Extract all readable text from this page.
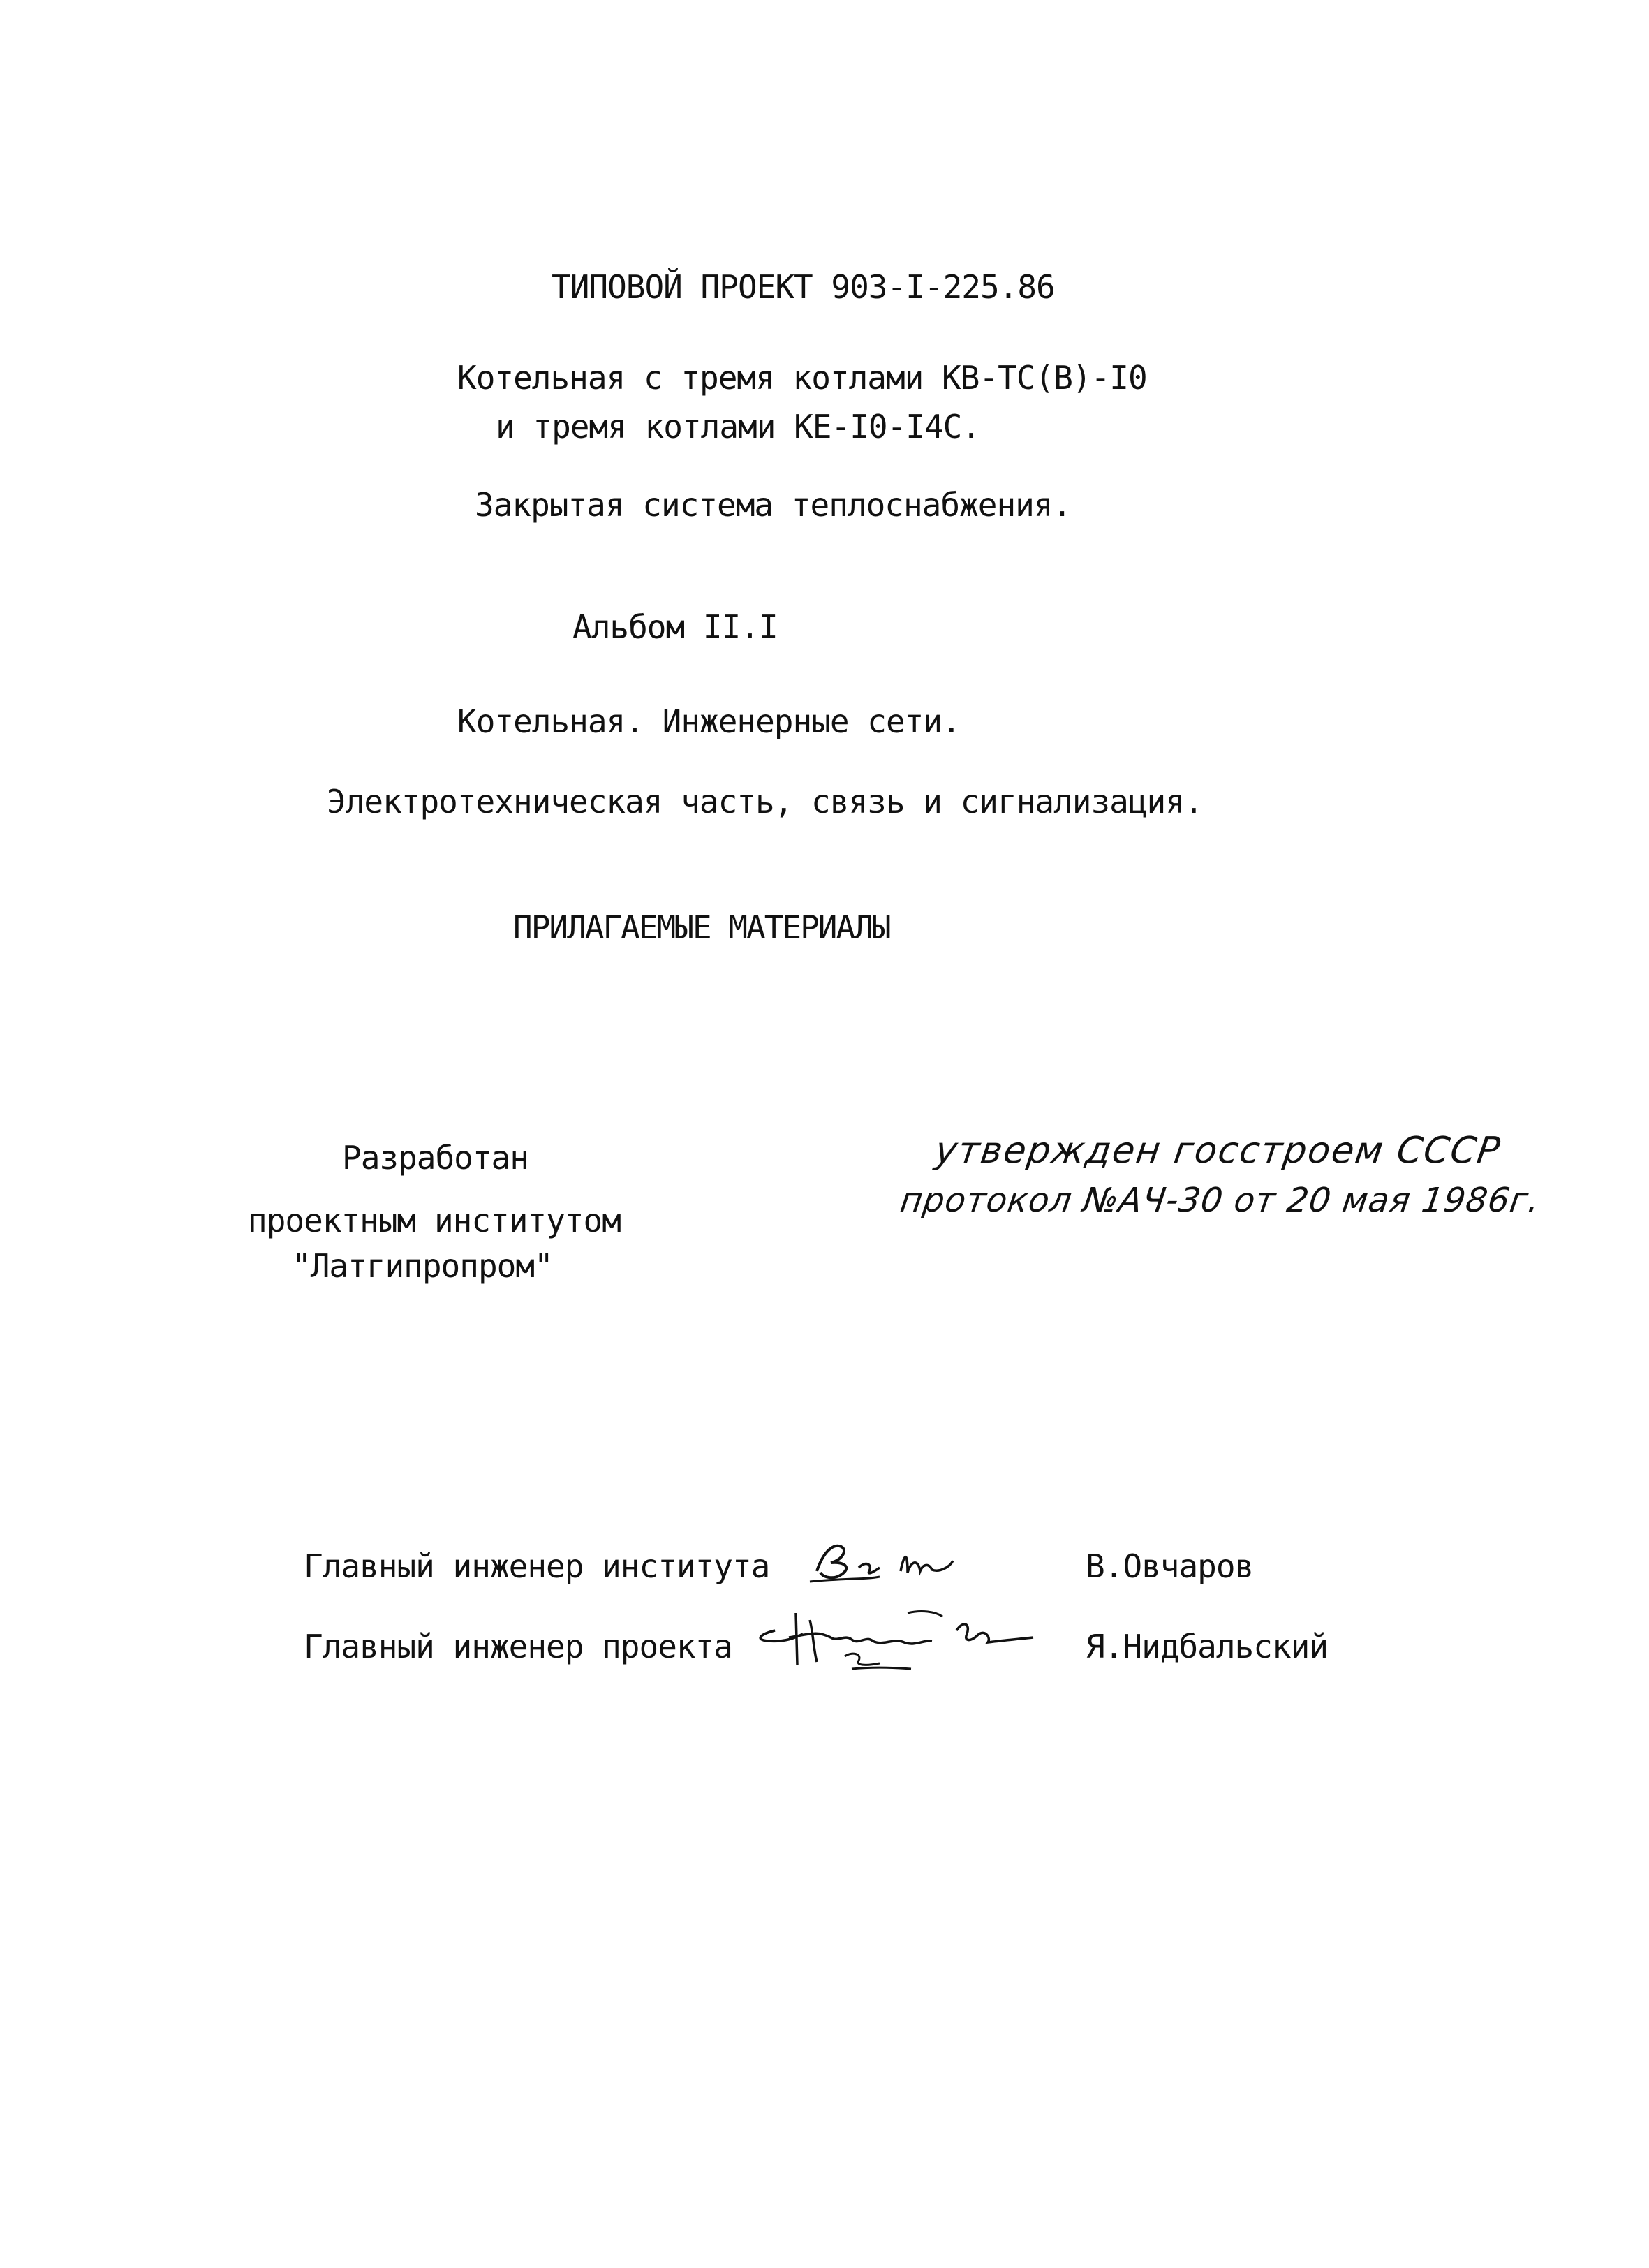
ТИПОВОЙ ПРОЕКТ 903-I-225.86
Котельная с тремя котлами КВ-ТС(В)-I0
и тремя котлами КЕ-I0-I4С.
Закрытая система теплоснабжения.
Альбом II.I
Котельная. Инженерные сети.
Электротехническая часть, связь и сигнализация.
ПРИЛАГАЕМЫЕ МАТЕРИАЛЫ
Разработан
проектным институтом
"Латгипропром"
утвержден госстроем СССР
протокол №АЧ-30 от 20 мая 1986г.
Главный инженер института	В.Овчаров
Главный инженер проекта	Я.Нидбальский
